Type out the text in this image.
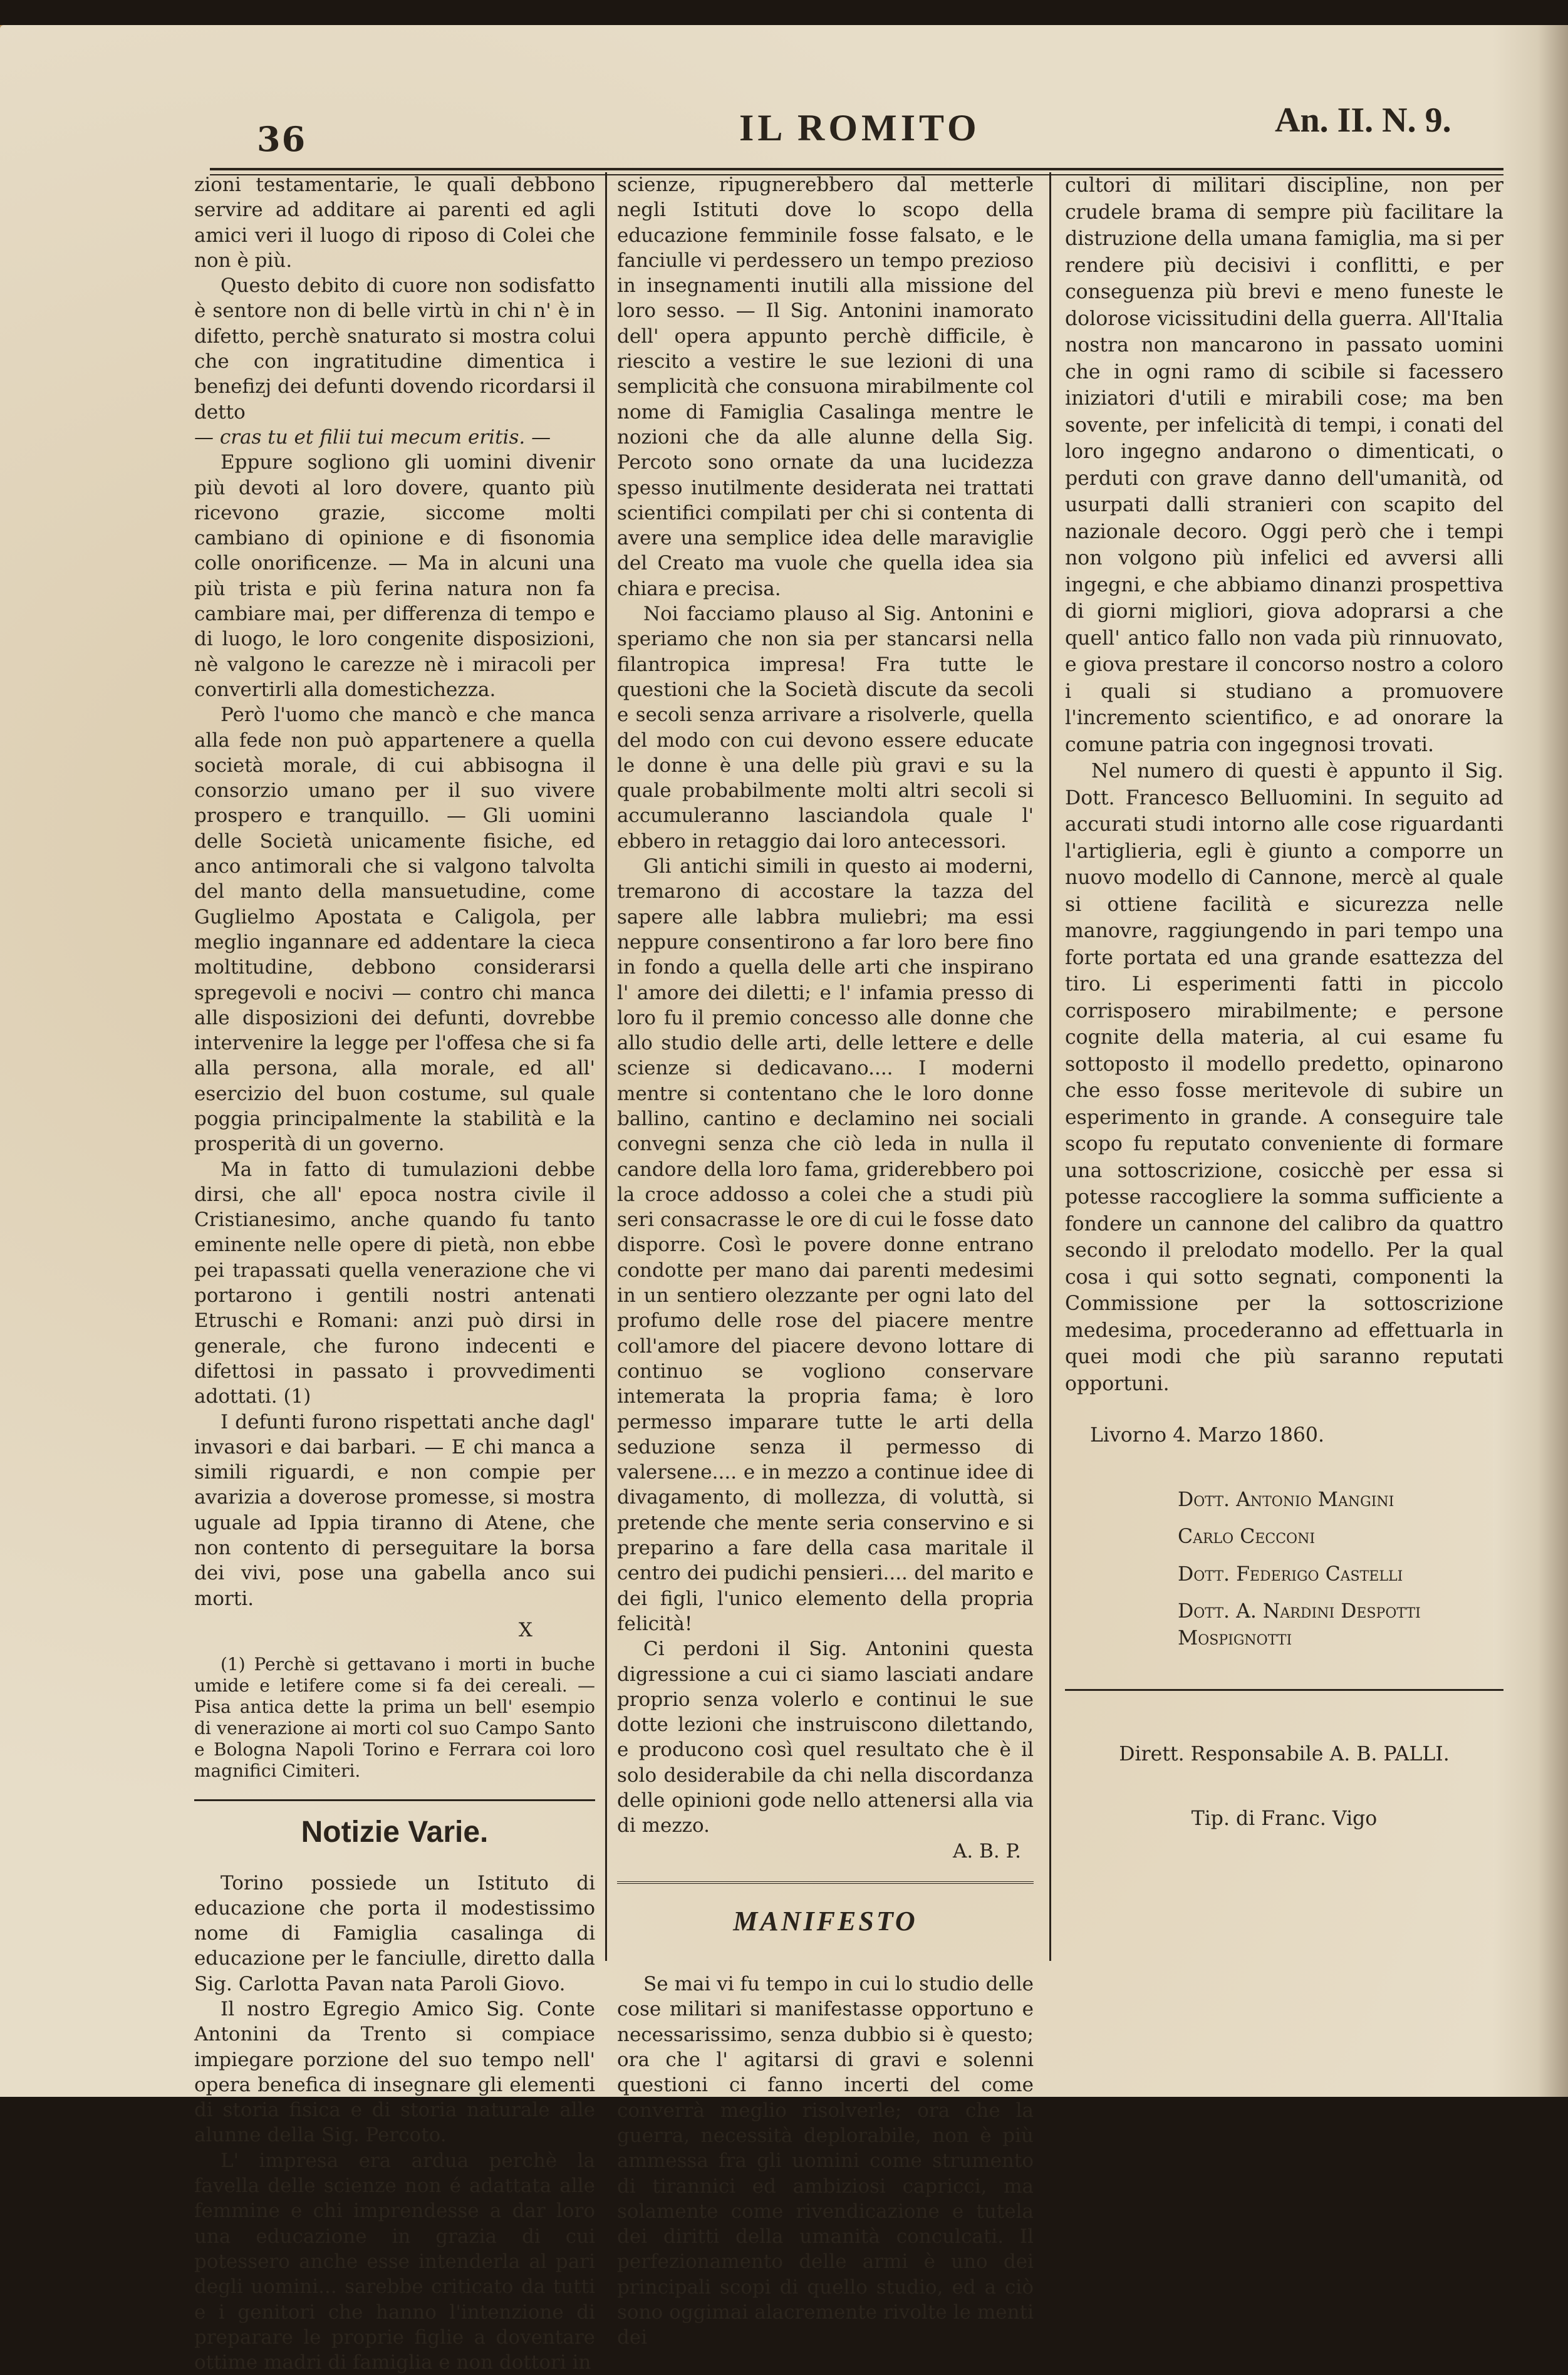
36	IL ROMITO	An. II. N. 9.

zioni testamentarie, le quali debbono servire ad additare ai parenti ed agli amici veri il luogo di riposo di Colei che non è più.

Questo debito di cuore non sodisfatto è sentore non di belle virtù in chi n' è in difetto, perchè snaturato si mostra colui che con ingratitudine dimentica i benefizj dei defunti dovendo ricordarsi il detto

— cras tu et filii tui mecum eritis. —

Eppure sogliono gli uomini divenir più devoti al loro dovere, quanto più ricevono grazie, siccome molti cambiano di opinione e di fisonomia colle onorificenze. — Ma in alcuni una più trista e più ferina natura non fa cambiare mai, per differenza di tempo e di luogo, le loro congenite disposizioni, nè valgono le carezze nè i miracoli per convertirli alla domestichezza.

Però l'uomo che mancò e che manca alla fede non può appartenere a quella società morale, di cui abbisogna il consorzio umano per il suo vivere prospero e tranquillo. — Gli uomini delle Società unicamente fisiche, ed anco antimorali che si valgono talvolta del manto della mansuetudine, come Guglielmo Apostata e Caligola, per meglio ingannare ed addentare la cieca moltitudine, debbono considerarsi spregevoli e nocivi — contro chi manca alle disposizioni dei defunti, dovrebbe intervenire la legge per l'offesa che si fa alla persona, alla morale, ed all' esercizio del buon costume, sul quale poggia principalmente la stabilità e la prosperità di un governo.

Ma in fatto di tumulazioni debbe dirsi, che all' epoca nostra civile il Cristianesimo, anche quando fu tanto eminente nelle opere di pietà, non ebbe pei trapassati quella venerazione che vi portarono i gentili nostri antenati Etruschi e Romani: anzi può dirsi in generale, che furono indecenti e difettosi in passato i provvedimenti adottati. (1)

I defunti furono rispettati anche dagl' invasori e dai barbari. — E chi manca a simili riguardi, e non compie per avarizia a doverose promesse, si mostra uguale ad Ippia tiranno di Atene, che non contento di perseguitare la borsa dei vivi, pose una gabella anco sui morti.

X

(1) Perchè si gettavano i morti in buche umide e letifere come si fa dei cereali. — Pisa antica dette la prima un bell' esempio di venerazione ai morti col suo Campo Santo e Bologna Napoli Torino e Ferrara coi loro magnifici Cimiteri.

Notizie Varie.

Torino possiede un Istituto di educazione che porta il modestissimo nome di Famiglia casalinga di educazione per le fanciulle, diretto dalla Sig. Carlotta Pavan nata Paroli Giovo.

Il nostro Egregio Amico Sig. Conte Antonini da Trento si compiace impiegare porzione del suo tempo nell' opera benefica di insegnare gli elementi di storia fisica e di storia naturale alle alunne della Sig. Percoto.

L' impresa era ardua perchè la favella delle scienze non é adattata alle femmine e chi imprendesse a dar loro una educazione in grazia di cui potessero anche esse intenderla al pari degli uomini... sarebbe criticato da tutti e i genitori che hanno l'intenzione di preparare le proprie figlie a doventare ottime madri di famiglia e non dottori in

scienze, ripugnerebbero dal metterle negli Istituti dove lo scopo della educazione femminile fosse falsato, e le fanciulle vi perdessero un tempo prezioso in insegnamenti inutili alla missione del loro sesso. — Il Sig. Antonini inamorato dell' opera appunto perchè difficile, è riescito a vestire le sue lezioni di una semplicità che consuona mirabilmente col nome di Famiglia Casalinga mentre le nozioni che da alle alunne della Sig. Percoto sono ornate da una lucidezza spesso inutilmente desiderata nei trattati scientifici compilati per chi si contenta di avere una semplice idea delle maraviglie del Creato ma vuole che quella idea sia chiara e precisa.

Noi facciamo plauso al Sig. Antonini e speriamo che non sia per stancarsi nella filantropica impresa! Fra tutte le questioni che la Società discute da secoli e secoli senza arrivare a risolverle, quella del modo con cui devono essere educate le donne è una delle più gravi e su la quale probabilmente molti altri secoli si accumuleranno lasciandola quale l' ebbero in retaggio dai loro antecessori.

Gli antichi simili in questo ai moderni, tremarono di accostare la tazza del sapere alle labbra muliebri; ma essi neppure consentirono a far loro bere fino in fondo a quella delle arti che inspirano l' amore dei diletti; e l' infamia presso di loro fu il premio concesso alle donne che allo studio delle arti, delle lettere e delle scienze si dedicavano.... I moderni mentre si contentano che le loro donne ballino, cantino e declamino nei sociali convegni senza che ciò leda in nulla il candore della loro fama, griderebbero poi la croce addosso a colei che a studi più seri consacrasse le ore di cui le fosse dato disporre. Così le povere donne entrano condotte per mano dai parenti medesimi in un sentiero olezzante per ogni lato del profumo delle rose del piacere mentre coll'amore del piacere devono lottare di continuo se vogliono conservare intemerata la propria fama; è loro permesso imparare tutte le arti della seduzione senza il permesso di valersene.... e in mezzo a continue idee di divagamento, di mollezza, di voluttà, si pretende che mente seria conservino e si preparino a fare della casa maritale il centro dei pudichi pensieri.... del marito e dei figli, l'unico elemento della propria felicità!

Ci perdoni il Sig. Antonini questa digressione a cui ci siamo lasciati andare proprio senza volerlo e continui le sue dotte lezioni che instruiscono dilettando, e producono così quel resultato che è il solo desiderabile da chi nella discordanza delle opinioni gode nello attenersi alla via di mezzo.

A. B. P.
MANIFESTO

Se mai vi fu tempo in cui lo studio delle cose militari si manifestasse opportuno e necessarissimo, senza dubbio si è questo; ora che l' agitarsi di gravi e solenni questioni ci fanno incerti del come converrà meglio risolverle; ora che la guerra, necessità deplorabile, non è più ammessa fra gli uomini come strumento di tirannici ed ambiziosi capricci, ma solamente come rivendicazione e tutela dei diritti della umanità conculcati. Il perfezionamento delle armi è uno dei principali scopi di quello studio, ed a ciò sono oggimai alacremente rivolte le menti dei

cultori di militari discipline, non per crudele brama di sempre più facilitare la distruzione della umana famiglia, ma si per rendere più decisivi i conflitti, e per conseguenza più brevi e meno funeste le dolorose vicissitudini della guerra. All'Italia nostra non mancarono in passato uomini che in ogni ramo di scibile si facessero iniziatori d'utili e mirabili cose; ma ben sovente, per infelicità di tempi, i conati del loro ingegno andarono o dimenticati, o perduti con grave danno dell'umanità, od usurpati dalli stranieri con scapito del nazionale decoro. Oggi però che i tempi non volgono più infelici ed avversi alli ingegni, e che abbiamo dinanzi prospettiva di giorni migliori, giova adoprarsi a che quell' antico fallo non vada più rinnuovato, e giova prestare il concorso nostro a coloro i quali si studiano a promuovere l'incremento scientifico, e ad onorare la comune patria con ingegnosi trovati.

Nel numero di questi è appunto il Sig. Dott. Francesco Belluomini. In seguito ad accurati studi intorno alle cose riguardanti l'artiglieria, egli è giunto a comporre un nuovo modello di Cannone, mercè al quale si ottiene facilità e sicurezza nelle manovre, raggiungendo in pari tempo una forte portata ed una grande esattezza del tiro. Li esperimenti fatti in piccolo corrisposero mirabilmente; e persone cognite della materia, al cui esame fu sottoposto il modello predetto, opinarono che esso fosse meritevole di subire un esperimento in grande. A conseguire tale scopo fu reputato conveniente di formare una sottoscrizione, cosicchè per essa si potesse raccogliere la somma sufficiente a fondere un cannone del calibro da quattro secondo il prelodato modello. Per la qual cosa i qui sotto segnati, componenti la Commissione per la sottoscrizione medesima, procederanno ad effettuarla in quei modi che più saranno reputati opportuni.

Livorno 4. Marzo 1860.

Dott. Antonio Mangini

Carlo Cecconi

Dott. Federigo Castelli

Dott. A. Nardini Despotti Mospignotti

Dirett. Responsabile A. B. PALLI.
Tip. di Franc. Vigo
